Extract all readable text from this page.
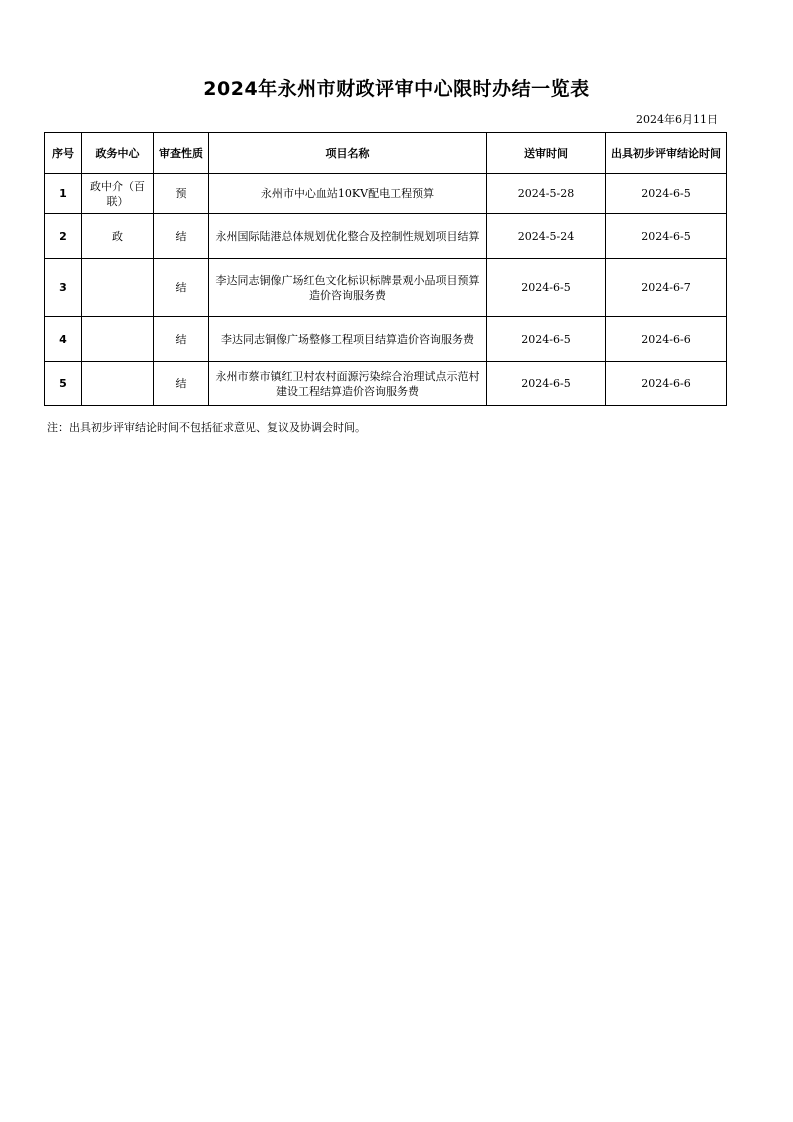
2024年永州市财政评审中心限时办结一览表
2024年6月11日
序号	政务中心	审查性质	项目名称	送审时间	出具初步评审结论时间
1	政中介（百联）	预	永州市中心血站10KV配电工程预算	2024-5-28	2024-6-5
2	政	结	永州国际陆港总体规划优化整合及控制性规划项目结算	2024-5-24	2024-6-5
3		结	李达同志铜像广场红色文化标识标牌景观小品项目预算造价咨询服务费	2024-6-5	2024-6-7
4		结	李达同志铜像广场整修工程项目结算造价咨询服务费	2024-6-5	2024-6-6
5		结	永州市蔡市镇红卫村农村面源污染综合治理试点示范村建设工程结算造价咨询服务费	2024-6-5	2024-6-6
注：出具初步评审结论时间不包括征求意见、复议及协调会时间。
